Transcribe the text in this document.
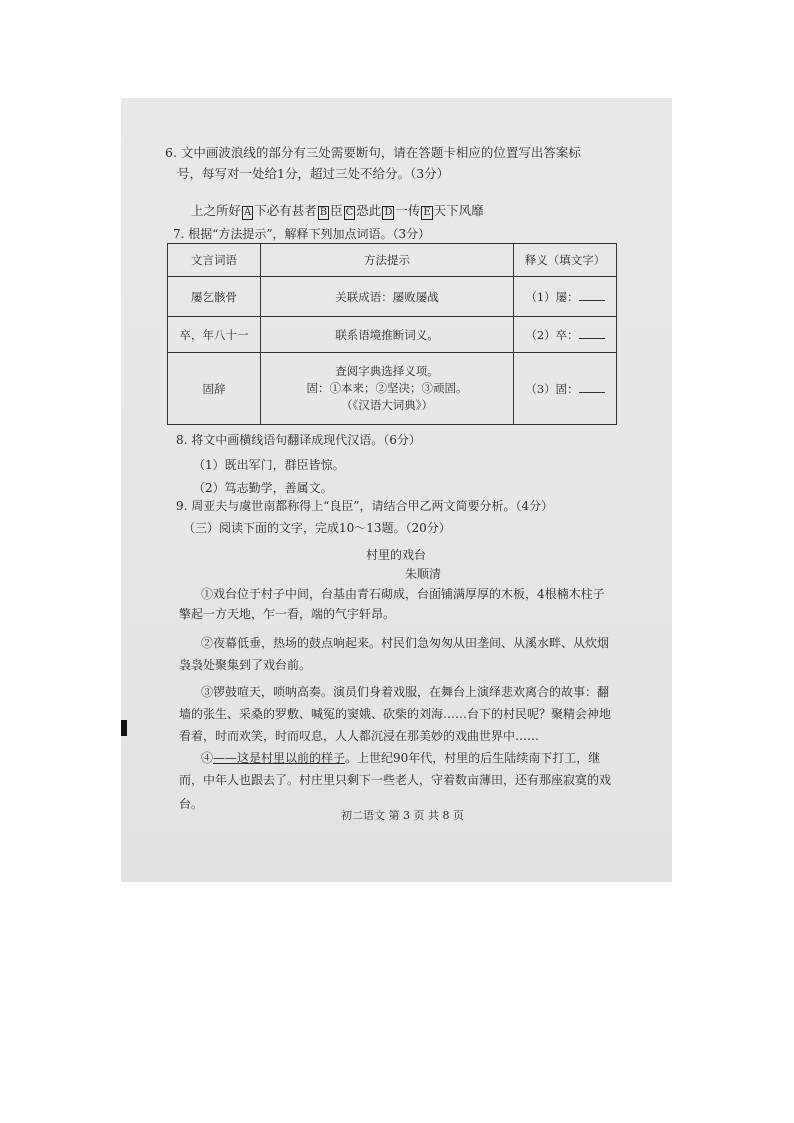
6. 文中画波浪线的部分有三处需要断句，请在答题卡相应的位置写出答案标
号，每写对一处给1分，超过三处不给分。（3分）
上之所好 A 下必有甚者 B 臣 C 恐此 D 一传 E 天下风靡
7. 根据“方法提示”，解释下列加点词语。（3分）
文言词语	方法提示	释义（填文字）
屡乞骸骨	关联成语：屡败屡战	（1）屡：
卒，年八十一	联系语境推断词义。	（2）卒：
固辞	查阅字典选择义项。
固：①本来；②坚决；③顽固。
（《汉语大词典》）	（3）固：
8. 将文中画横线语句翻译成现代汉语。（6分）
（1）既出军门，群臣皆惊。
（2）笃志勤学，善属文。
9. 周亚夫与虞世南都称得上“良臣”，请结合甲乙两文简要分析。（4分）
（三）阅读下面的文字，完成10～13题。（20分）
村里的戏台
朱顺清
①戏台位于村子中间，台基由青石砌成，台面铺满厚厚的木板，4根楠木柱子
擎起一方天地，乍一看，端的气宇轩昂。
②夜幕低垂，热场的鼓点响起来。村民们急匆匆从田垄间、从溪水畔、从炊烟
袅袅处聚集到了戏台前。
③锣鼓喧天，唢呐高奏。演员们身着戏服，在舞台上演绎悲欢离合的故事：翻
墙的张生、采桑的罗敷、喊冤的窦娥、砍柴的刘海……台下的村民呢？聚精会神地
看着，时而欢笑，时而叹息，人人都沉浸在那美妙的戏曲世界中……
④——这是村里以前的样子。上世纪90年代，村里的后生陆续南下打工，继
而，中年人也跟去了。村庄里只剩下一些老人，守着数亩薄田，还有那座寂寞的戏
台。
初二语文 第 3 页 共 8 页
